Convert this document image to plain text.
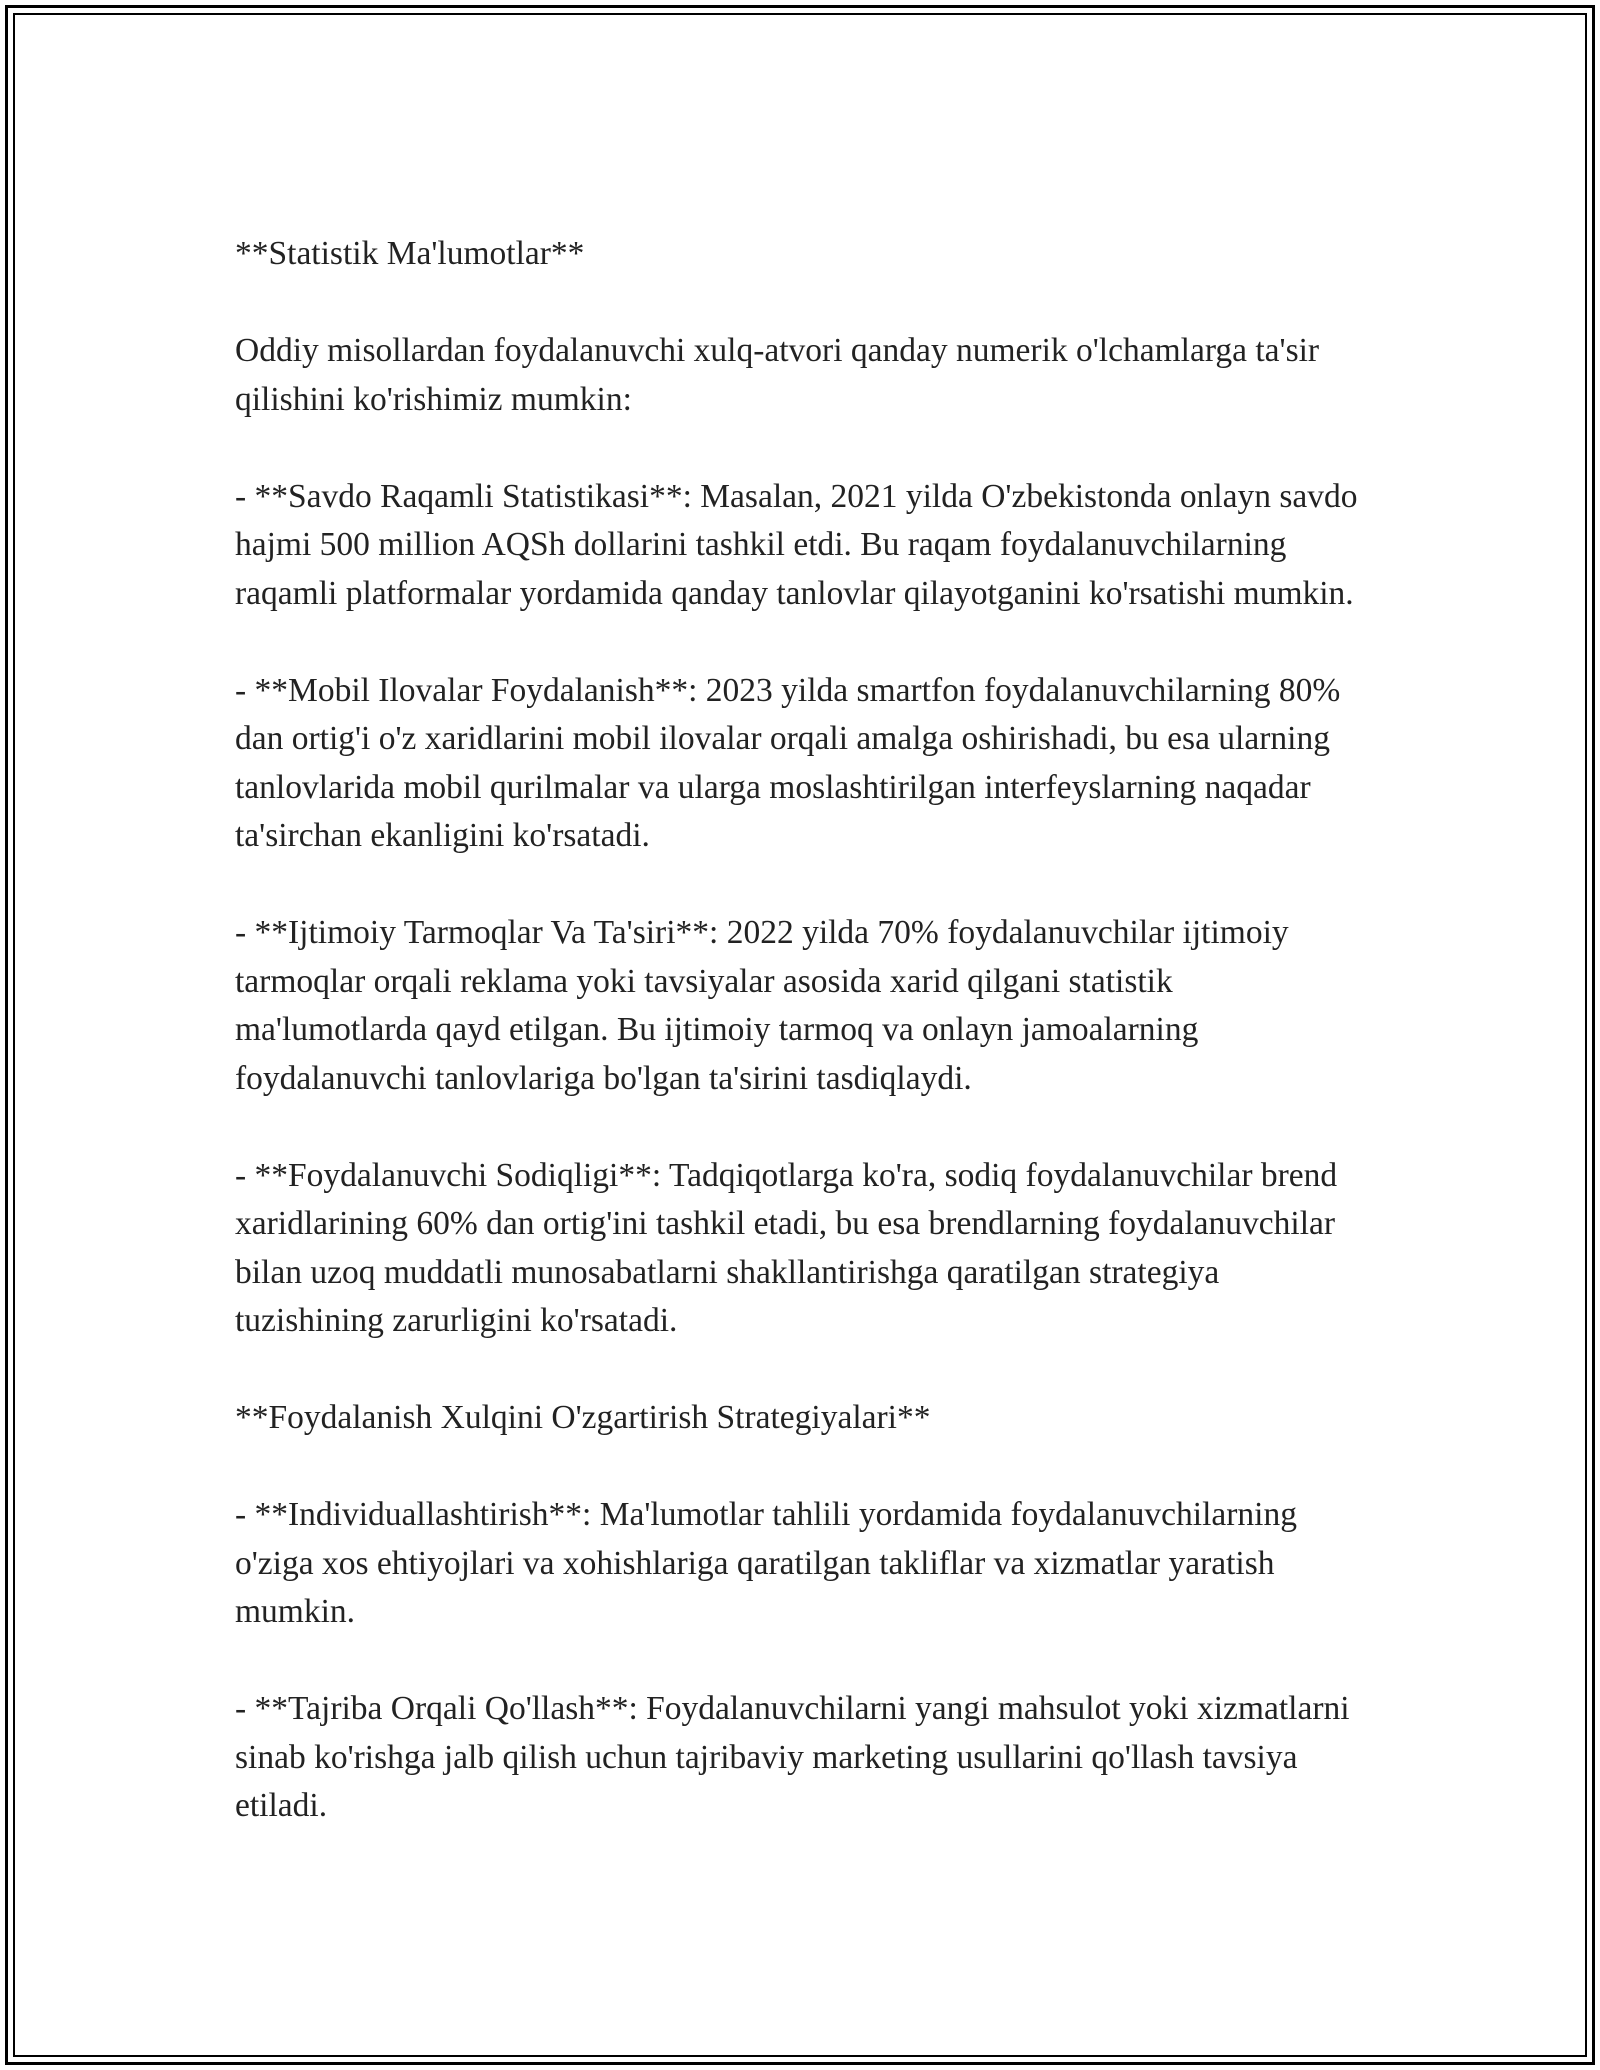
**Statistik Ma'lumotlar**

Oddiy misollardan foydalanuvchi xulq-atvori qanday numerik o'lchamlarga ta'sir qilishini ko'rishimiz mumkin:

- **Savdo Raqamli Statistikasi**: Masalan, 2021 yilda O'zbekistonda onlayn savdo hajmi 500 million AQSh dollarini tashkil etdi. Bu raqam foydalanuvchilarning raqamli platformalar yordamida qanday tanlovlar qilayotganini ko'rsatishi mumkin.

- **Mobil Ilovalar Foydalanish**: 2023 yilda smartfon foydalanuvchilarning 80% dan ortig'i o'z xaridlarini mobil ilovalar orqali amalga oshirishadi, bu esa ularning tanlovlarida mobil qurilmalar va ularga moslashtirilgan interfeyslarning naqadar ta'sirchan ekanligini ko'rsatadi.

- **Ijtimoiy Tarmoqlar Va Ta'siri**: 2022 yilda 70% foydalanuvchilar ijtimoiy tarmoqlar orqali reklama yoki tavsiyalar asosida xarid qilgani statistik ma'lumotlarda qayd etilgan. Bu ijtimoiy tarmoq va onlayn jamoalarning foydalanuvchi tanlovlariga bo'lgan ta'sirini tasdiqlaydi.

- **Foydalanuvchi Sodiqligi**: Tadqiqotlarga ko'ra, sodiq foydalanuvchilar brend xaridlarining 60% dan ortig'ini tashkil etadi, bu esa brendlarning foydalanuvchilar bilan uzoq muddatli munosabatlarni shakllantirishga qaratilgan strategiya tuzishining zarurligini ko'rsatadi.

**Foydalanish Xulqini O'zgartirish Strategiyalari**

- **Individuallashtirish**: Ma'lumotlar tahlili yordamida foydalanuvchilarning o'ziga xos ehtiyojlari va xohishlariga qaratilgan takliflar va xizmatlar yaratish mumkin.

- **Tajriba Orqali Qo'llash**: Foydalanuvchilarni yangi mahsulot yoki xizmatlarni sinab ko'rishga jalb qilish uchun tajribaviy marketing usullarini qo'llash tavsiya etiladi.
